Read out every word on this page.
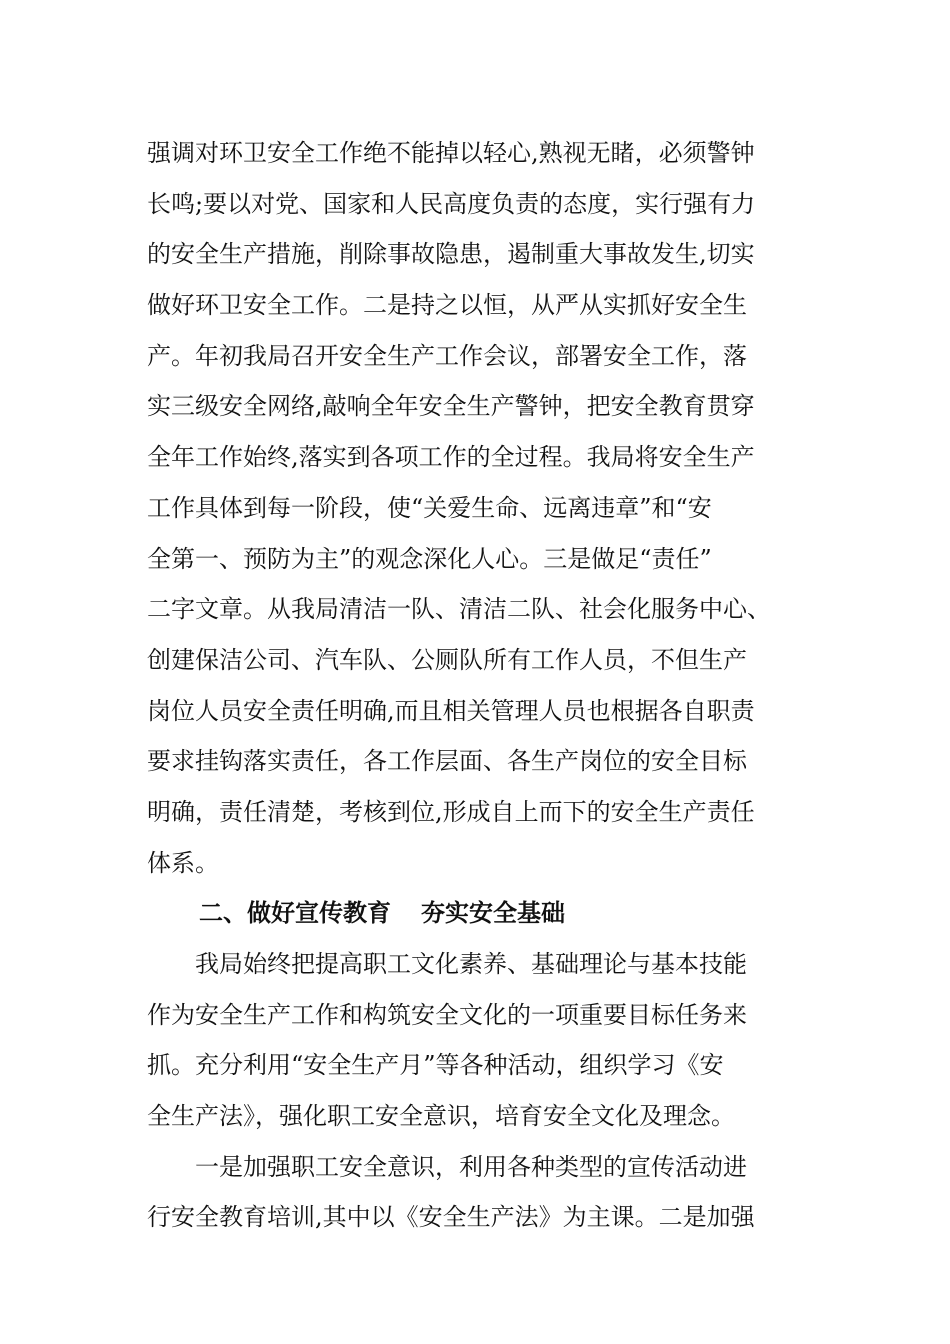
强调对环卫安全工作绝不能掉以轻心,熟视无睹，必须警钟
长鸣;要以对党、国家和人民高度负责的态度，实行强有力
的安全生产措施，削除事故隐患，遏制重大事故发生,切实
做好环卫安全工作。二是持之以恒，从严从实抓好安全生
产。年初我局召开安全生产工作会议，部署安全工作，落
实三级安全网络,敲响全年安全生产警钟，把安全教育贯穿
全年工作始终,落实到各项工作的全过程。我局将安全生产
工作具体到每一阶段，使“关爱生命、远离违章”和“安
全第一、预防为主”的观念深化人心。三是做足“责任”
二字文章。从我局清洁一队、清洁二队、社会化服务中心、
创建保洁公司、汽车队、公厕队所有工作人员，不但生产
岗位人员安全责任明确,而且相关管理人员也根据各自职责
要求挂钩落实责任，各工作层面、各生产岗位的安全目标
明确，责任清楚，考核到位,形成自上而下的安全生产责任
体系。
二、做好宣传教育 夯实安全基础
我局始终把提高职工文化素养、基础理论与基本技能
作为安全生产工作和构筑安全文化的一项重要目标任务来
抓。充分利用“安全生产月”等各种活动，组织学习《安
全生产法》，强化职工安全意识，培育安全文化及理念。
一是加强职工安全意识，利用各种类型的宣传活动进
行安全教育培训,其中以《安全生产法》为主课。二是加强
